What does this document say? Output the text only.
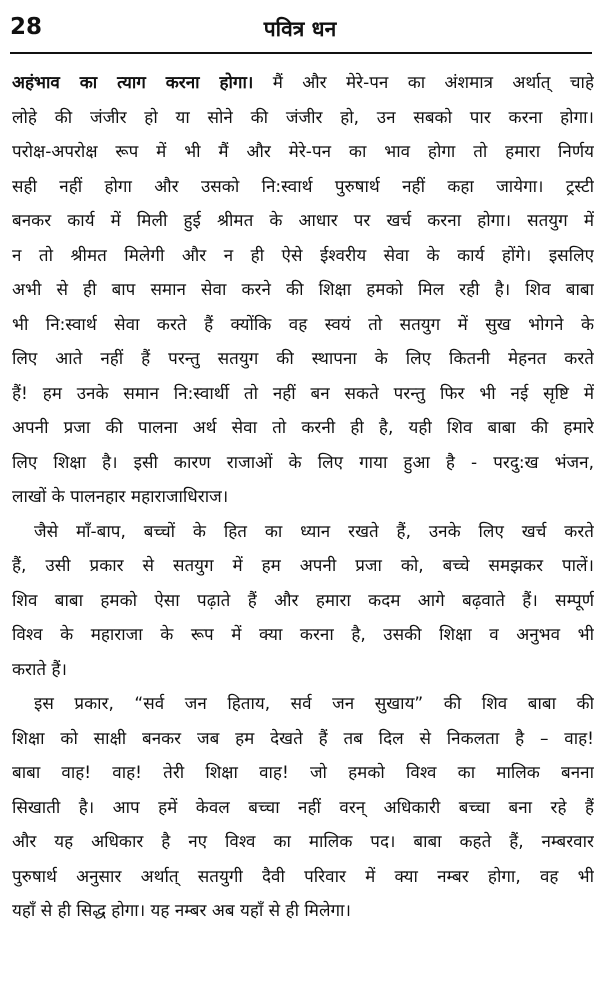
28	पवित्र धन
अहंभाव का त्याग करना होगा। मैं और मेरे-पन का अंशमात्र अर्थात् चाहे
लोहे की जंजीर हो या सोने की जंजीर हो, उन सबको पार करना होगा।
परोक्ष-अपरोक्ष रूप में भी मैं और मेरे-पन का भाव होगा तो हमारा निर्णय
सही नहीं होगा और उसको नि:स्वार्थ पुरुषार्थ नहीं कहा जायेगा। ट्रस्टी
बनकर कार्य में मिली हुई श्रीमत के आधार पर खर्च करना होगा। सतयुग में
न तो श्रीमत मिलेगी और न ही ऐसे ईश्वरीय सेवा के कार्य होंगे। इसलिए
अभी से ही बाप समान सेवा करने की शिक्षा हमको मिल रही है। शिव बाबा
भी नि:स्वार्थ सेवा करते हैं क्योंकि वह स्वयं तो सतयुग में सुख भोगने के
लिए आते नहीं हैं परन्तु सतयुग की स्थापना के लिए कितनी मेहनत करते
हैं! हम उनके समान नि:स्वार्थी तो नहीं बन सकते परन्तु फिर भी नई सृष्टि में
अपनी प्रजा की पालना अर्थ सेवा तो करनी ही है, यही शिव बाबा की हमारे
लिए शिक्षा है। इसी कारण राजाओं के लिए गाया हुआ है - परदु:ख भंजन,
लाखों के पालनहार महाराजाधिराज।
जैसे माँ-बाप, बच्चों के हित का ध्यान रखते हैं, उनके लिए खर्च करते
हैं, उसी प्रकार से सतयुग में हम अपनी प्रजा को, बच्चे समझकर पालें।
शिव बाबा हमको ऐसा पढ़ाते हैं और हमारा कदम आगे बढ़वाते हैं। सम्पूर्ण
विश्व के महाराजा के रूप में क्या करना है, उसकी शिक्षा व अनुभव भी
कराते हैं।
इस प्रकार, “सर्व जन हिताय, सर्व जन सुखाय” की शिव बाबा की
शिक्षा को साक्षी बनकर जब हम देखते हैं तब दिल से निकलता है – वाह!
बाबा वाह! वाह! तेरी शिक्षा वाह! जो हमको विश्व का मालिक बनना
सिखाती है। आप हमें केवल बच्चा नहीं वरन् अधिकारी बच्चा बना रहे हैं
और यह अधिकार है नए विश्व का मालिक पद। बाबा कहते हैं, नम्बरवार
पुरुषार्थ अनुसार अर्थात् सतयुगी दैवी परिवार में क्या नम्बर होगा, वह भी
यहाँ से ही सिद्ध होगा। यह नम्बर अब यहाँ से ही मिलेगा।
